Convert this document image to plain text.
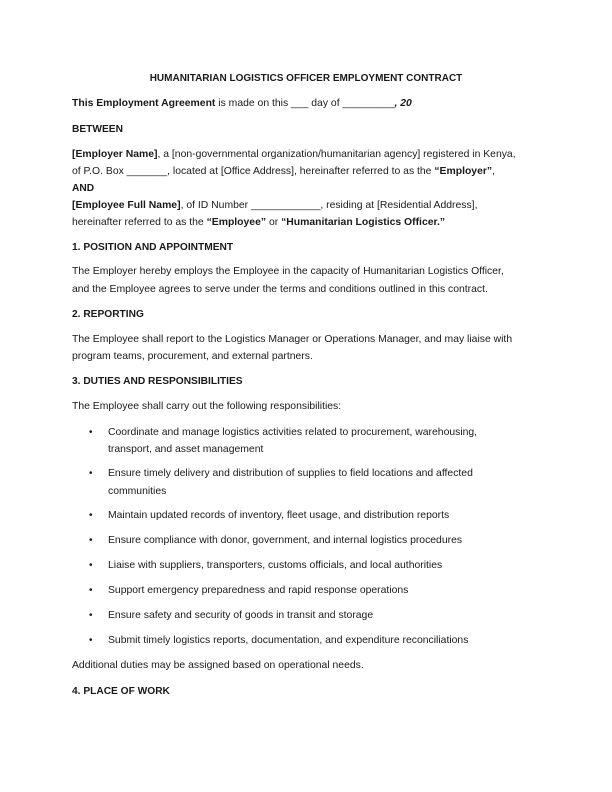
HUMANITARIAN LOGISTICS OFFICER EMPLOYMENT CONTRACT
This Employment Agreement is made on this ___ day of _________, 20
BETWEEN
[Employer Name], a [non-governmental organization/humanitarian agency] registered in Kenya,
of P.O. Box _______, located at [Office Address], hereinafter referred to as the “Employer”,
AND
[Employee Full Name], of ID Number ____________, residing at [Residential Address],
hereinafter referred to as the “Employee” or “Humanitarian Logistics Officer.”
1. POSITION AND APPOINTMENT
The Employer hereby employs the Employee in the capacity of Humanitarian Logistics Officer,
and the Employee agrees to serve under the terms and conditions outlined in this contract.
2. REPORTING
The Employee shall report to the Logistics Manager or Operations Manager, and may liaise with
program teams, procurement, and external partners.
3. DUTIES AND RESPONSIBILITIES
The Employee shall carry out the following responsibilities:
• Coordinate and manage logistics activities related to procurement, warehousing,
transport, and asset management
• Ensure timely delivery and distribution of supplies to field locations and affected
communities
• Maintain updated records of inventory, fleet usage, and distribution reports
• Ensure compliance with donor, government, and internal logistics procedures
• Liaise with suppliers, transporters, customs officials, and local authorities
• Support emergency preparedness and rapid response operations
• Ensure safety and security of goods in transit and storage
• Submit timely logistics reports, documentation, and expenditure reconciliations
Additional duties may be assigned based on operational needs.
4. PLACE OF WORK
